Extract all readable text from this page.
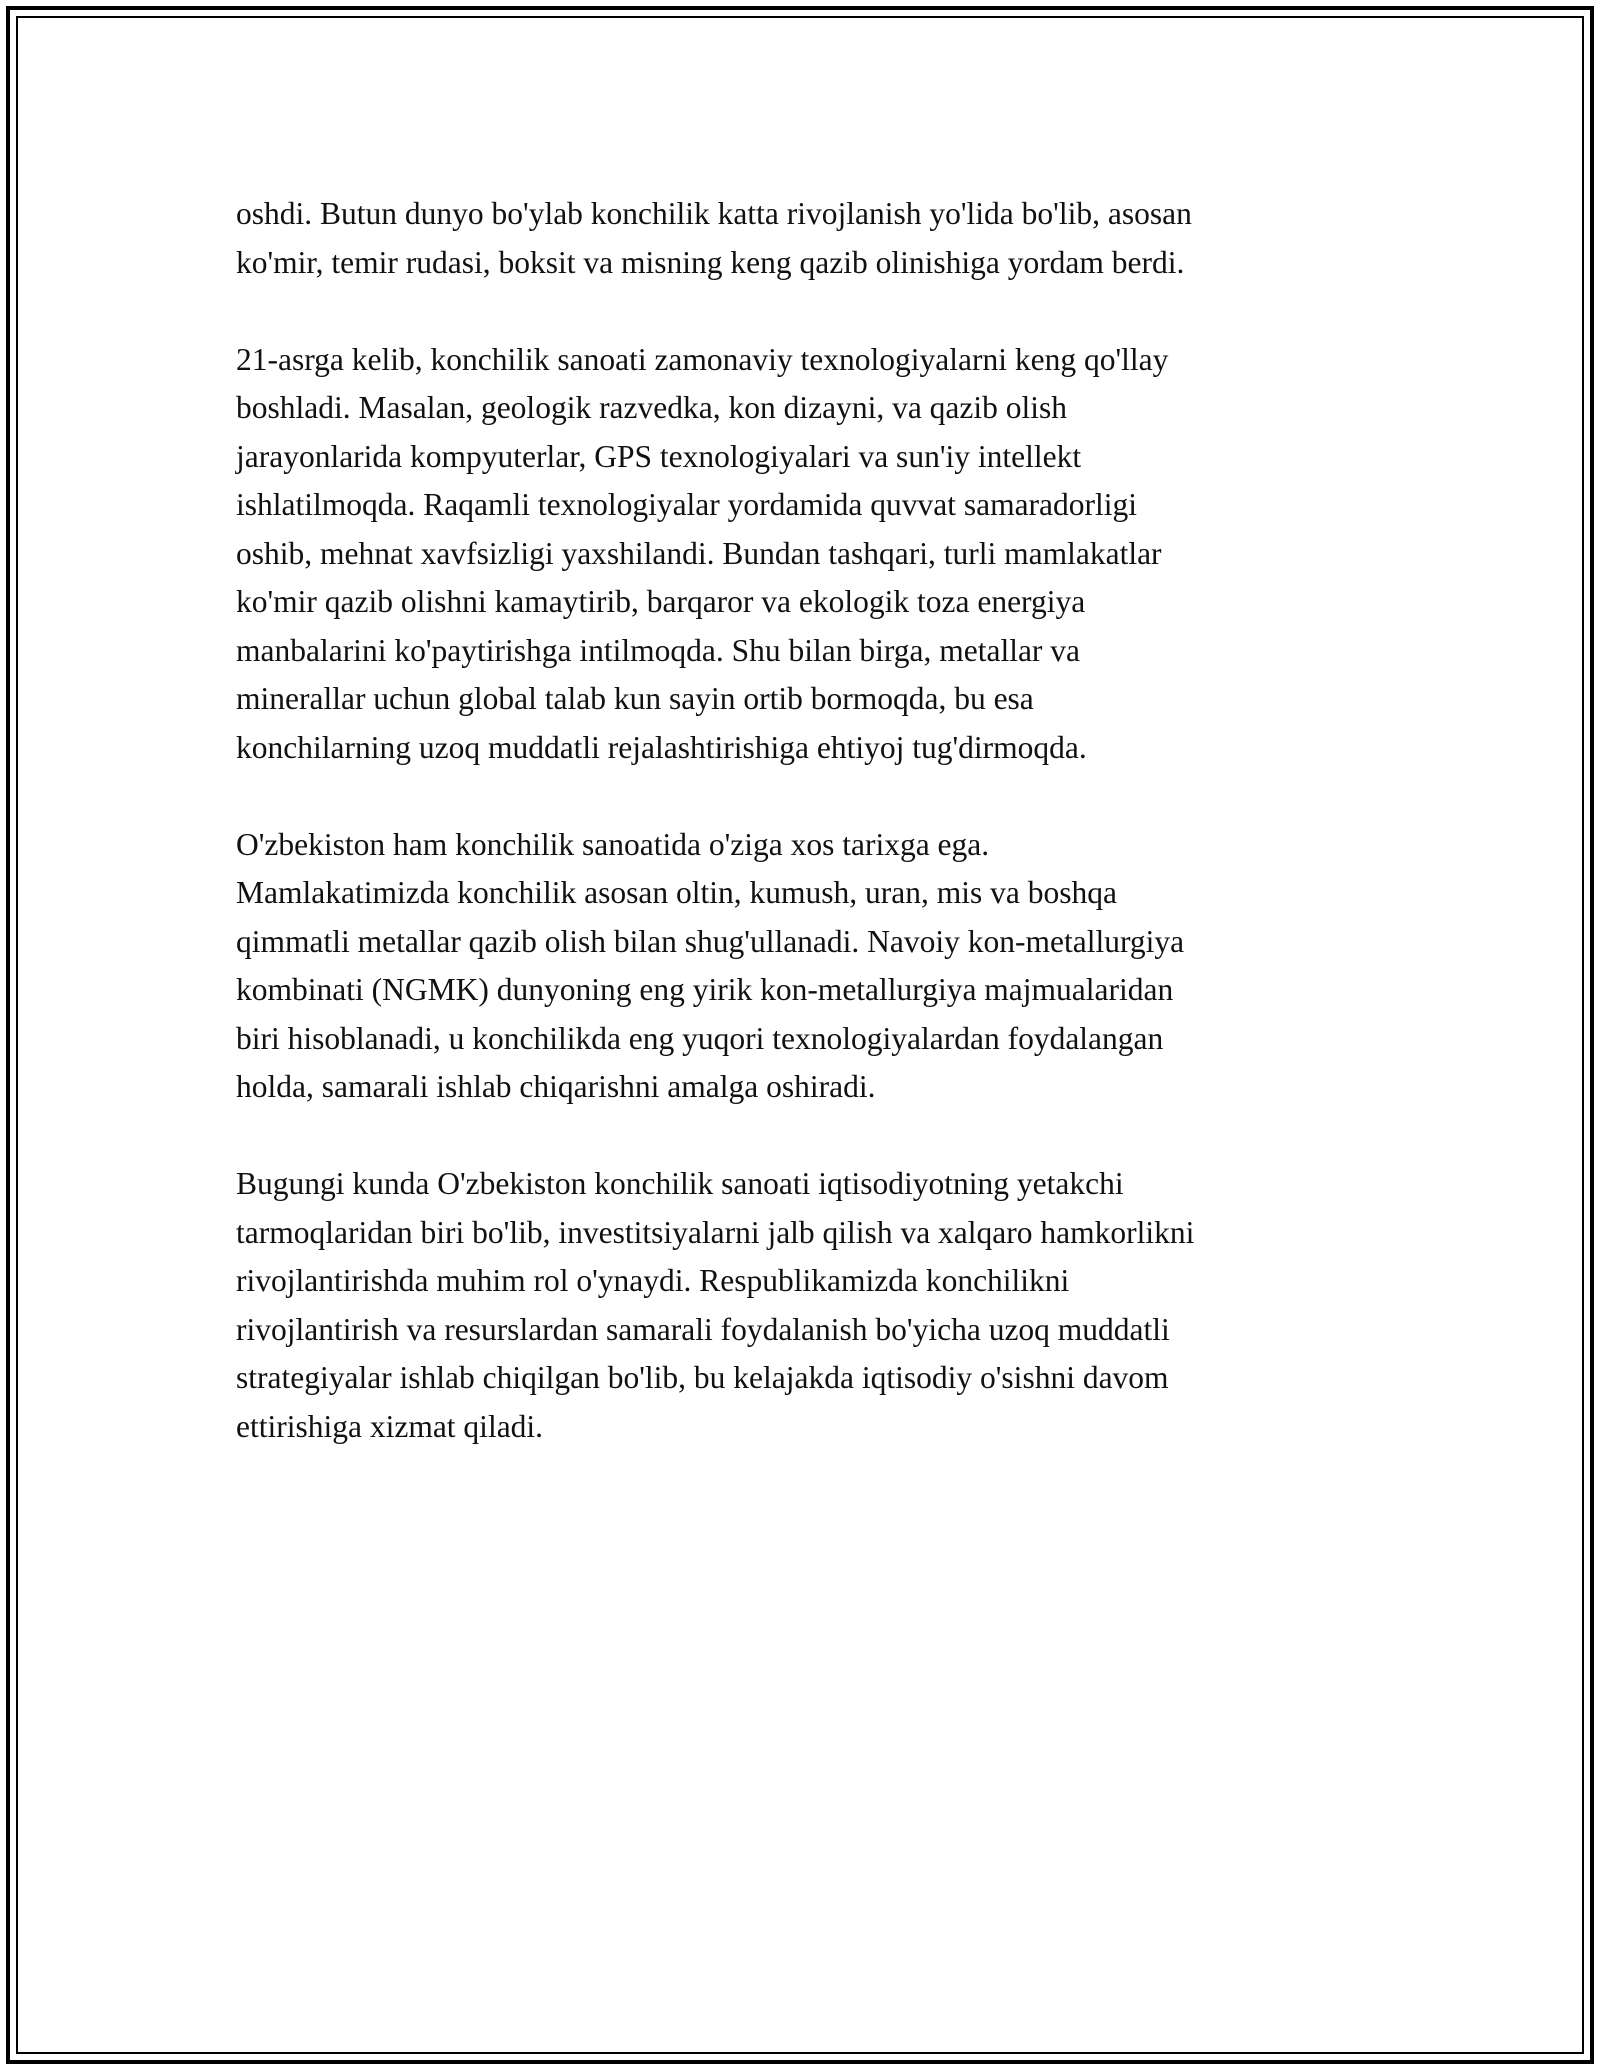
oshdi. Butun dunyo bo'ylab konchilik katta rivojlanish yo'lida bo'lib, asosan
ko'mir, temir rudasi, boksit va misning keng qazib olinishiga yordam berdi.

21-asrga kelib, konchilik sanoati zamonaviy texnologiyalarni keng qo'llay
boshladi. Masalan, geologik razvedka, kon dizayni, va qazib olish
jarayonlarida kompyuterlar, GPS texnologiyalari va sun'iy intellekt
ishlatilmoqda. Raqamli texnologiyalar yordamida quvvat samaradorligi
oshib, mehnat xavfsizligi yaxshilandi. Bundan tashqari, turli mamlakatlar
ko'mir qazib olishni kamaytirib, barqaror va ekologik toza energiya
manbalarini ko'paytirishga intilmoqda. Shu bilan birga, metallar va
minerallar uchun global talab kun sayin ortib bormoqda, bu esa
konchilarning uzoq muddatli rejalashtirishiga ehtiyoj tug'dirmoqda.

O'zbekiston ham konchilik sanoatida o'ziga xos tarixga ega.
Mamlakatimizda konchilik asosan oltin, kumush, uran, mis va boshqa
qimmatli metallar qazib olish bilan shug'ullanadi. Navoiy kon-metallurgiya
kombinati (NGMK) dunyoning eng yirik kon-metallurgiya majmualaridan
biri hisoblanadi, u konchilikda eng yuqori texnologiyalardan foydalangan
holda, samarali ishlab chiqarishni amalga oshiradi.

Bugungi kunda O'zbekiston konchilik sanoati iqtisodiyotning yetakchi
tarmoqlaridan biri bo'lib, investitsiyalarni jalb qilish va xalqaro hamkorlikni
rivojlantirishda muhim rol o'ynaydi. Respublikamizda konchilikni
rivojlantirish va resurslardan samarali foydalanish bo'yicha uzoq muddatli
strategiyalar ishlab chiqilgan bo'lib, bu kelajakda iqtisodiy o'sishni davom
ettirishiga xizmat qiladi.
